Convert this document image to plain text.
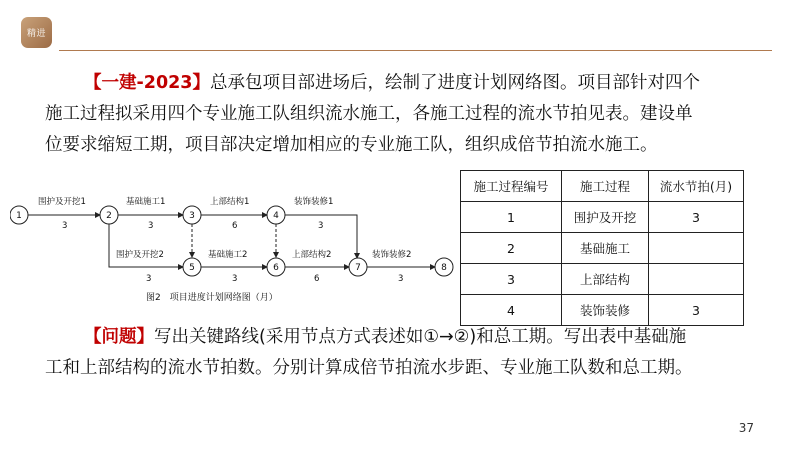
精进

【一建-2023】总承包项目部进场后，绘制了进度计划网络图。项目部针对四个

施工过程拟采用四个专业施工队组织流水施工，各施工过程的流水节拍见表。建设单

位要求缩短工期，项目部决定增加相应的专业施工队，组织成倍节拍流水施工。

围护及开挖1
3
基础施工1
3
上部结构1
6
装饰装修1
3
围护及开挖2
3
基础施工2
3
上部结构2
6
装饰装修2
3
1	2	3	4
5	6	7	8
图2　项目进度计划网络图（月）
施工过程编号	施工过程	流水节拍(月)
1	围护及开挖	3
2	基础施工	
3	上部结构	
4	装饰装修	3

【问题】写出关键路线(采用节点方式表述如①→②)和总工期。写出表中基础施

工和上部结构的流水节拍数。分别计算成倍节拍流水步距、专业施工队数和总工期。

37
